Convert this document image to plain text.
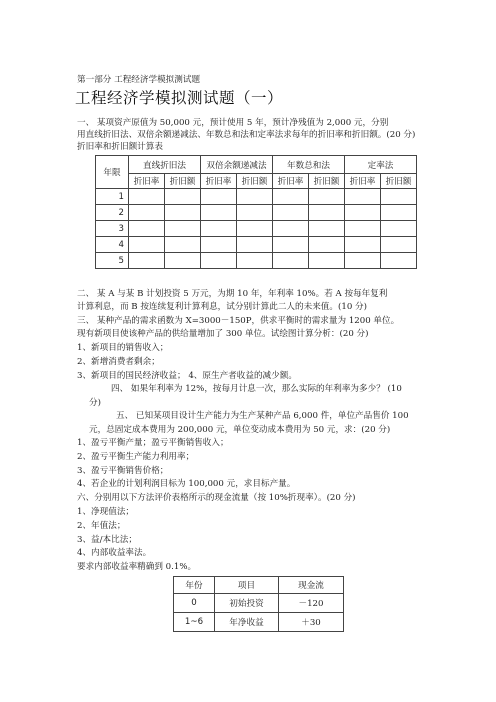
第一部分 工程经济学模拟测试题
工程经济学模拟测试题（一）
一、 某项资产原值为 50,000 元，预计使用 5 年，预计净残值为 2,000 元，分别
用直线折旧法、双倍余额递减法、年数总和法和定率法求每年的折旧率和折旧额。(20 分)
折旧率和折旧额计算表
年限	直线折旧法		双倍余额递减法		年数总和法		定率法	
	折旧率	折旧额	折旧率	折旧额	折旧率	折旧额	折旧率	折旧额
1								
2								
3								
4								
5								
二、 某 A 与某 B 计划投资 5 万元，为期 10 年，年利率 10%。若 A 按每年复利
计算利息，而 B 按连续复利计算利息，试分别计算此二人的未来值。(10 分)
三、 某种产品的需求函数为 X=3000－150P，供求平衡时的需求量为 1200 单位。
现有新项目使该种产品的供给量增加了 300 单位。试绘图计算分析：(20 分)
1、新项目的销售收入；
2、新增消费者剩余；
3、新项目的国民经济收益； 4、原生产者收益的减少额。
四、 如果年利率为 12%，按每月计息一次，那么实际的年利率为多少？ (10
分)
五、 已知某项目设计生产能力为生产某种产品 6,000 件，单位产品售价 100
元，总固定成本费用为 200,000 元，单位变动成本费用为 50 元，求：(20 分)
1、盈亏平衡产量；盈亏平衡销售收入；
2、盈亏平衡生产能力利用率；
3、盈亏平衡销售价格；
4、若企业的计划利润目标为 100,000 元，求目标产量。
六、分别用以下方法评价表格所示的现金流量（按 10%折现率）。(20 分)
1、净现值法；
2、年值法；
3、益/本比法；
4、内部收益率法。
要求内部收益率精确到 0.1%。
年份	项目	现金流
0	初始投资	－120
1~6	年净收益	＋30
